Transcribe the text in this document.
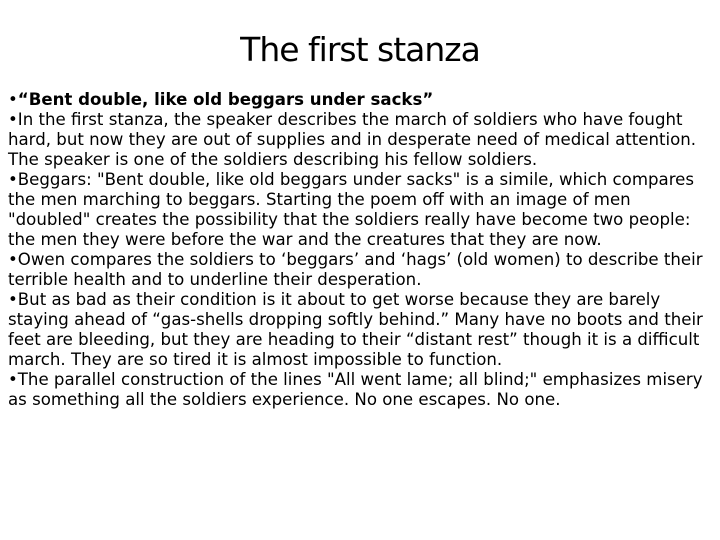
The first stanza
•“Bent double, like old beggars under sacks”
•In the first stanza, the speaker describes the march of soldiers who have fought hard, but now they are out of supplies and in desperate need of medical attention. The speaker is one of the soldiers describing his fellow soldiers.
•Beggars: "Bent double, like old beggars under sacks" is a simile, which compares the men marching to beggars. Starting the poem off with an image of men "doubled" creates the possibility that the soldiers really have become two people: the men they were before the war and the creatures that they are now.
•Owen compares the soldiers to ‘beggars’ and ‘hags’ (old women) to describe their terrible health and to underline their desperation.
•But as bad as their condition is it about to get worse because they are barely staying ahead of “gas-shells dropping softly behind.” Many have no boots and their feet are bleeding, but they are heading to their “distant rest” though it is a difficult march. They are so tired it is almost impossible to function.
•The parallel construction of the lines "All went lame; all blind;" emphasizes misery as something all the soldiers experience. No one escapes. No one.
